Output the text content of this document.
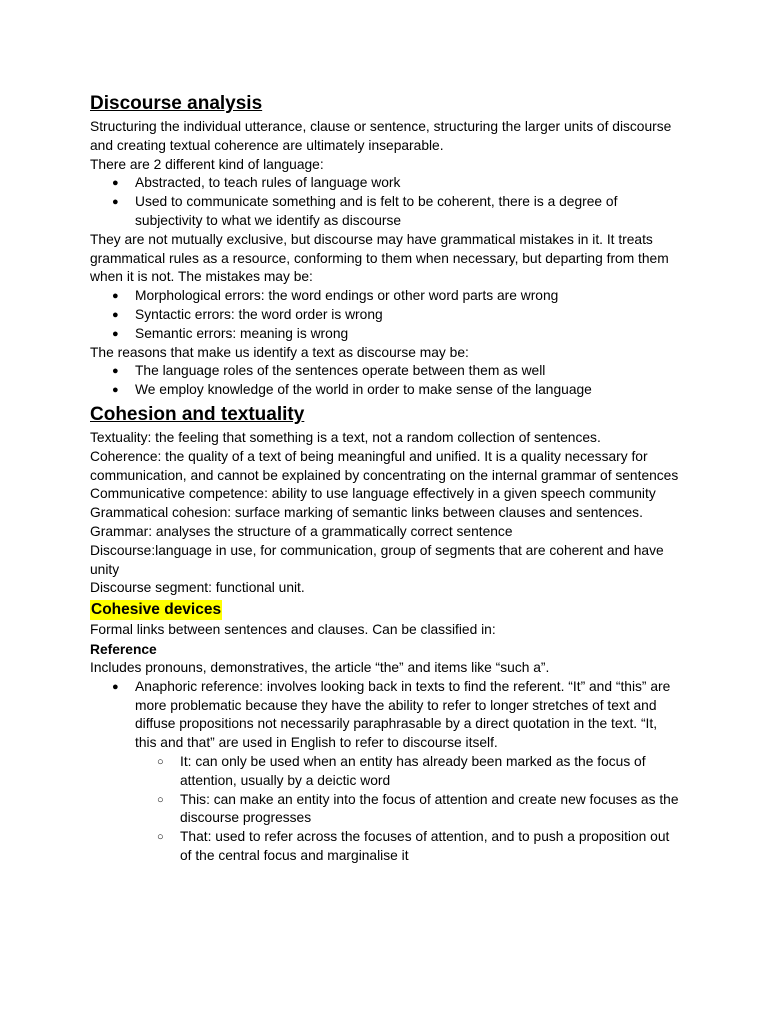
Discourse analysis

Structuring the individual utterance, clause or sentence, structuring the larger units of discourse and creating textual coherence are ultimately inseparable.

There are 2 different kind of language:

● Abstracted, to teach rules of language work
● Used to communicate something and is felt to be coherent, there is a degree of subjectivity to what we identify as discourse

They are not mutually exclusive, but discourse may have grammatical mistakes in it. It treats grammatical rules as a resource, conforming to them when necessary, but departing from them when it is not. The mistakes may be:

● Morphological errors: the word endings or other word parts are wrong
● Syntactic errors: the word order is wrong
● Semantic errors: meaning is wrong

The reasons that make us identify a text as discourse may be:

● The language roles of the sentences operate between them as well
● We employ knowledge of the world in order to make sense of the language
Cohesion and textuality

Textuality: the feeling that something is a text, not a random collection of sentences.

Coherence: the quality of a text of being meaningful and unified. It is a quality necessary for communication, and cannot be explained by concentrating on the internal grammar of sentences

Communicative competence: ability to use language effectively in a given speech community

Grammatical cohesion: surface marking of semantic links between clauses and sentences.

Grammar: analyses the structure of a grammatically correct sentence

Discourse:language in use, for communication, group of segments that are coherent and have unity

Discourse segment: functional unit.

Cohesive devices

Formal links between sentences and clauses. Can be classified in:

Reference

Includes pronouns, demonstratives, the article “the” and items like “such a”.

● Anaphoric reference: involves looking back in texts to find the referent. “It” and “this” are more problematic because they have the ability to refer to longer stretches of text and diffuse propositions not necessarily paraphrasable by a direct quotation in the text. “It, this and that” are used in English to refer to discourse itself.
○ It: can only be used when an entity has already been marked as the focus of attention, usually by a deictic word
○ This: can make an entity into the focus of attention and create new focuses as the discourse progresses
○ That: used to refer across the focuses of attention, and to push a proposition out of the central focus and marginalise it
